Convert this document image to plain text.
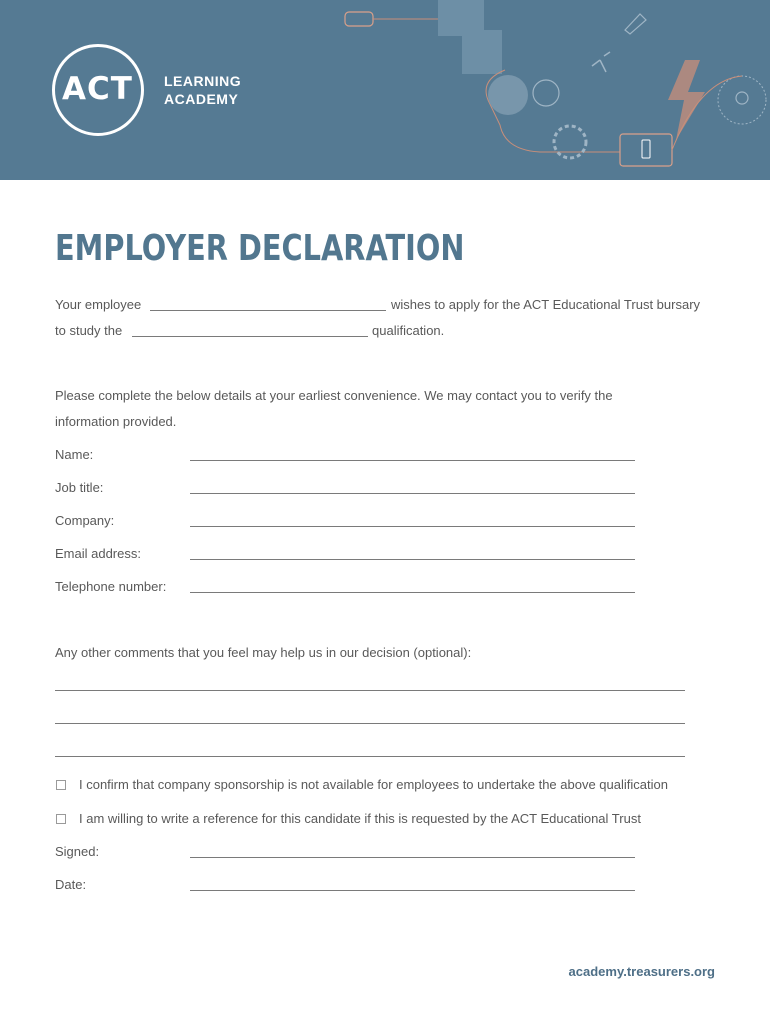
ACT	LEARNING
ACADEMY
EMPLOYER DECLARATION
Your employee	wishes to apply for the ACT Educational Trust bursary
to study the	qualification.
Please complete the below details at your earliest convenience. We may contact you to verify the
information provided.
Name:
Job title:
Company:
Email address:
Telephone number:
Any other comments that you feel may help us in our decision (optional):
I confirm that company sponsorship is not available for employees to undertake the above qualification
I am willing to write a reference for this candidate if this is requested by the ACT Educational Trust
Signed:
Date:
academy.treasurers.org
